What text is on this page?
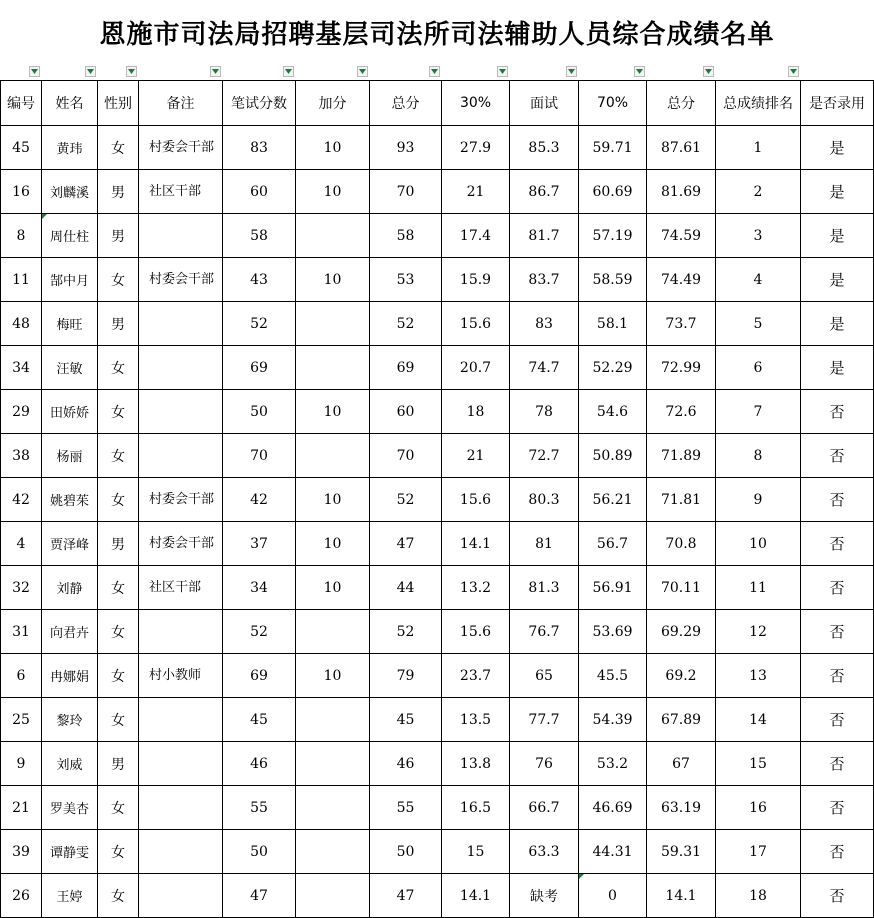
恩施市司法局招聘基层司法所司法辅助人员综合成绩名单
编号	姓名	性别	备注	笔试分数	加分	总分	30%	面试	70%	总分	总成绩排名	是否录用
45	黄玮	女	村委会干部	83	10	93	27.9	85.3	59.71	87.61	1	是
16	刘麟溪	男	社区干部	60	10	70	21	86.7	60.69	81.69	2	是
8	周仕柱	男		58		58	17.4	81.7	57.19	74.59	3	是
11	郜中月	女	村委会干部	43	10	53	15.9	83.7	58.59	74.49	4	是
48	梅旺	男		52		52	15.6	83	58.1	73.7	5	是
34	汪敏	女		69		69	20.7	74.7	52.29	72.99	6	是
29	田娇娇	女		50	10	60	18	78	54.6	72.6	7	否
38	杨丽	女		70		70	21	72.7	50.89	71.89	8	否
42	姚碧茱	女	村委会干部	42	10	52	15.6	80.3	56.21	71.81	9	否
4	贾泽峰	男	村委会干部	37	10	47	14.1	81	56.7	70.8	10	否
32	刘静	女	社区干部	34	10	44	13.2	81.3	56.91	70.11	11	否
31	向君卉	女		52		52	15.6	76.7	53.69	69.29	12	否
6	冉娜娟	女	村小教师	69	10	79	23.7	65	45.5	69.2	13	否
25	黎玲	女		45		45	13.5	77.7	54.39	67.89	14	否
9	刘威	男		46		46	13.8	76	53.2	67	15	否
21	罗美杏	女		55		55	16.5	66.7	46.69	63.19	16	否
39	谭静雯	女		50		50	15	63.3	44.31	59.31	17	否
26	王婷	女		47		47	14.1	缺考	0	14.1	18	否
